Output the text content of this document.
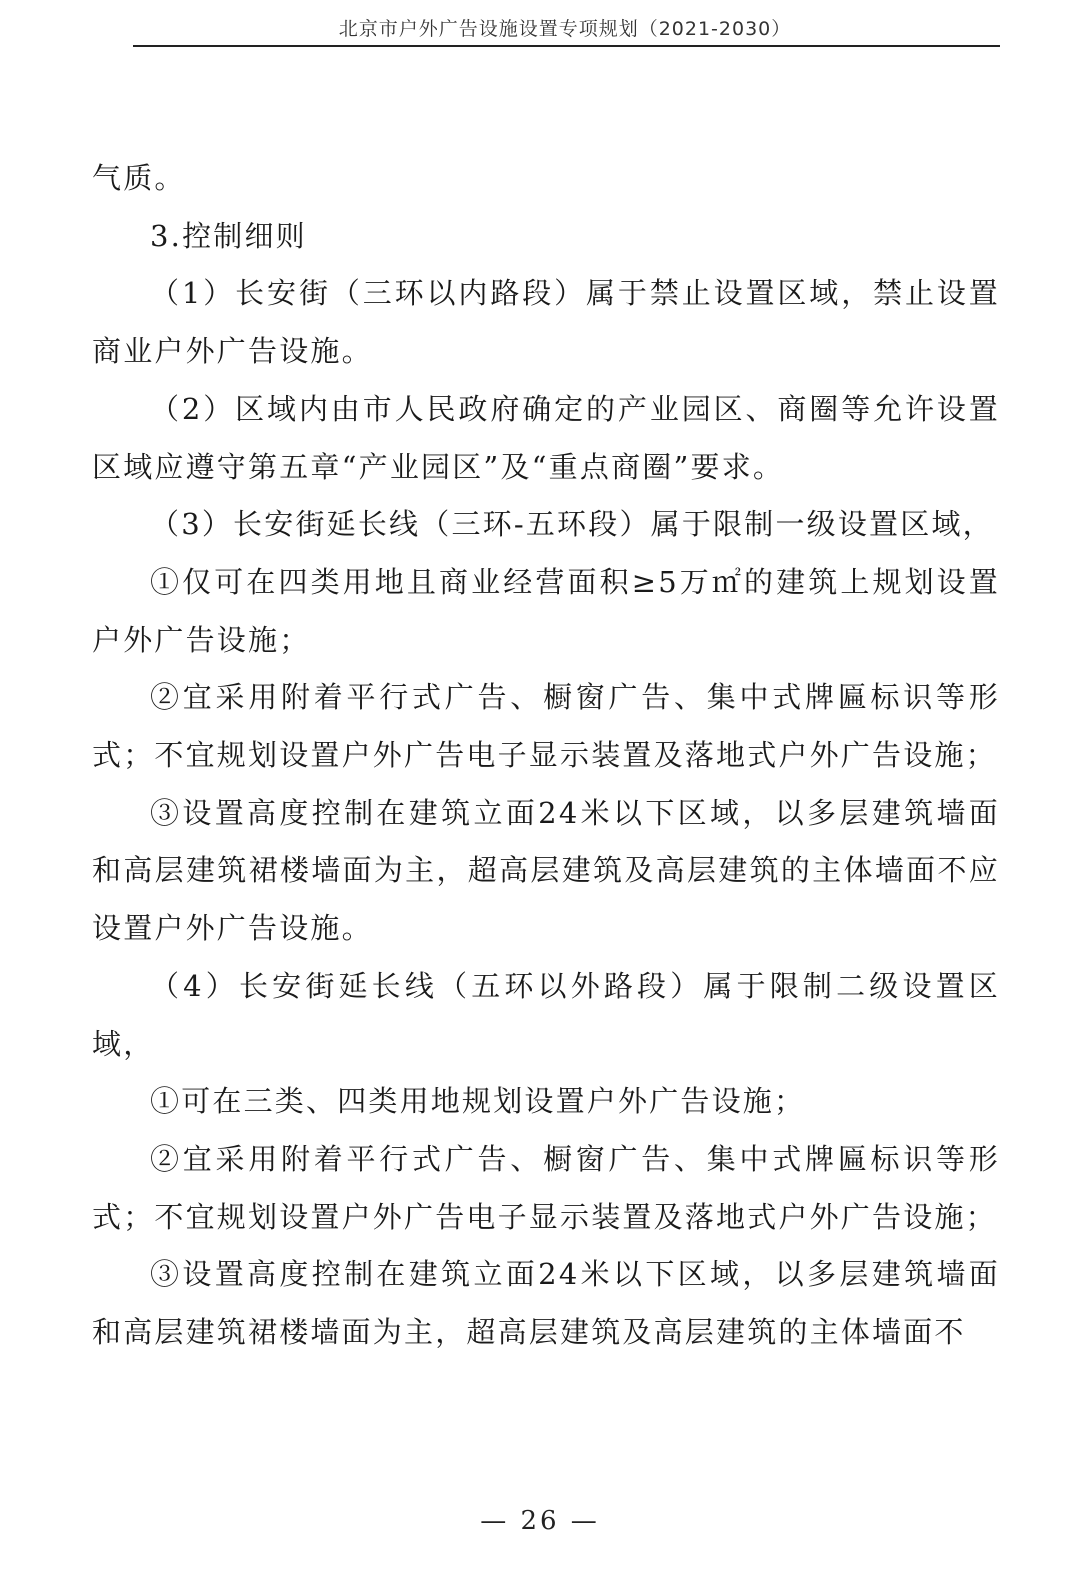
北京市户外广告设施设置专项规划（2021-2030）

气质。

3.控制细则

（1）长安街（三环以内路段）属于禁止设置区域，禁止设置商业户外广告设施。

（2）区域内由市人民政府确定的产业园区、商圈等允许设置区域应遵守第五章“产业园区”及“重点商圈”要求。

（3）长安街延长线（三环-五环段）属于限制一级设置区域，

①仅可在四类用地且商业经营面积≥5万㎡的建筑上规划设置户外广告设施；

②宜采用附着平行式广告、橱窗广告、集中式牌匾标识等形式；不宜规划设置户外广告电子显示装置及落地式户外广告设施；

③设置高度控制在建筑立面24米以下区域，以多层建筑墙面和高层建筑裙楼墙面为主，超高层建筑及高层建筑的主体墙面不应设置户外广告设施。

（4）长安街延长线（五环以外路段）属于限制二级设置区域，

①可在三类、四类用地规划设置户外广告设施；

②宜采用附着平行式广告、橱窗广告、集中式牌匾标识等形式；不宜规划设置户外广告电子显示装置及落地式户外广告设施；

③设置高度控制在建筑立面24米以下区域，以多层建筑墙面和高层建筑裙楼墙面为主，超高层建筑及高层建筑的主体墙面不

— 26 —
